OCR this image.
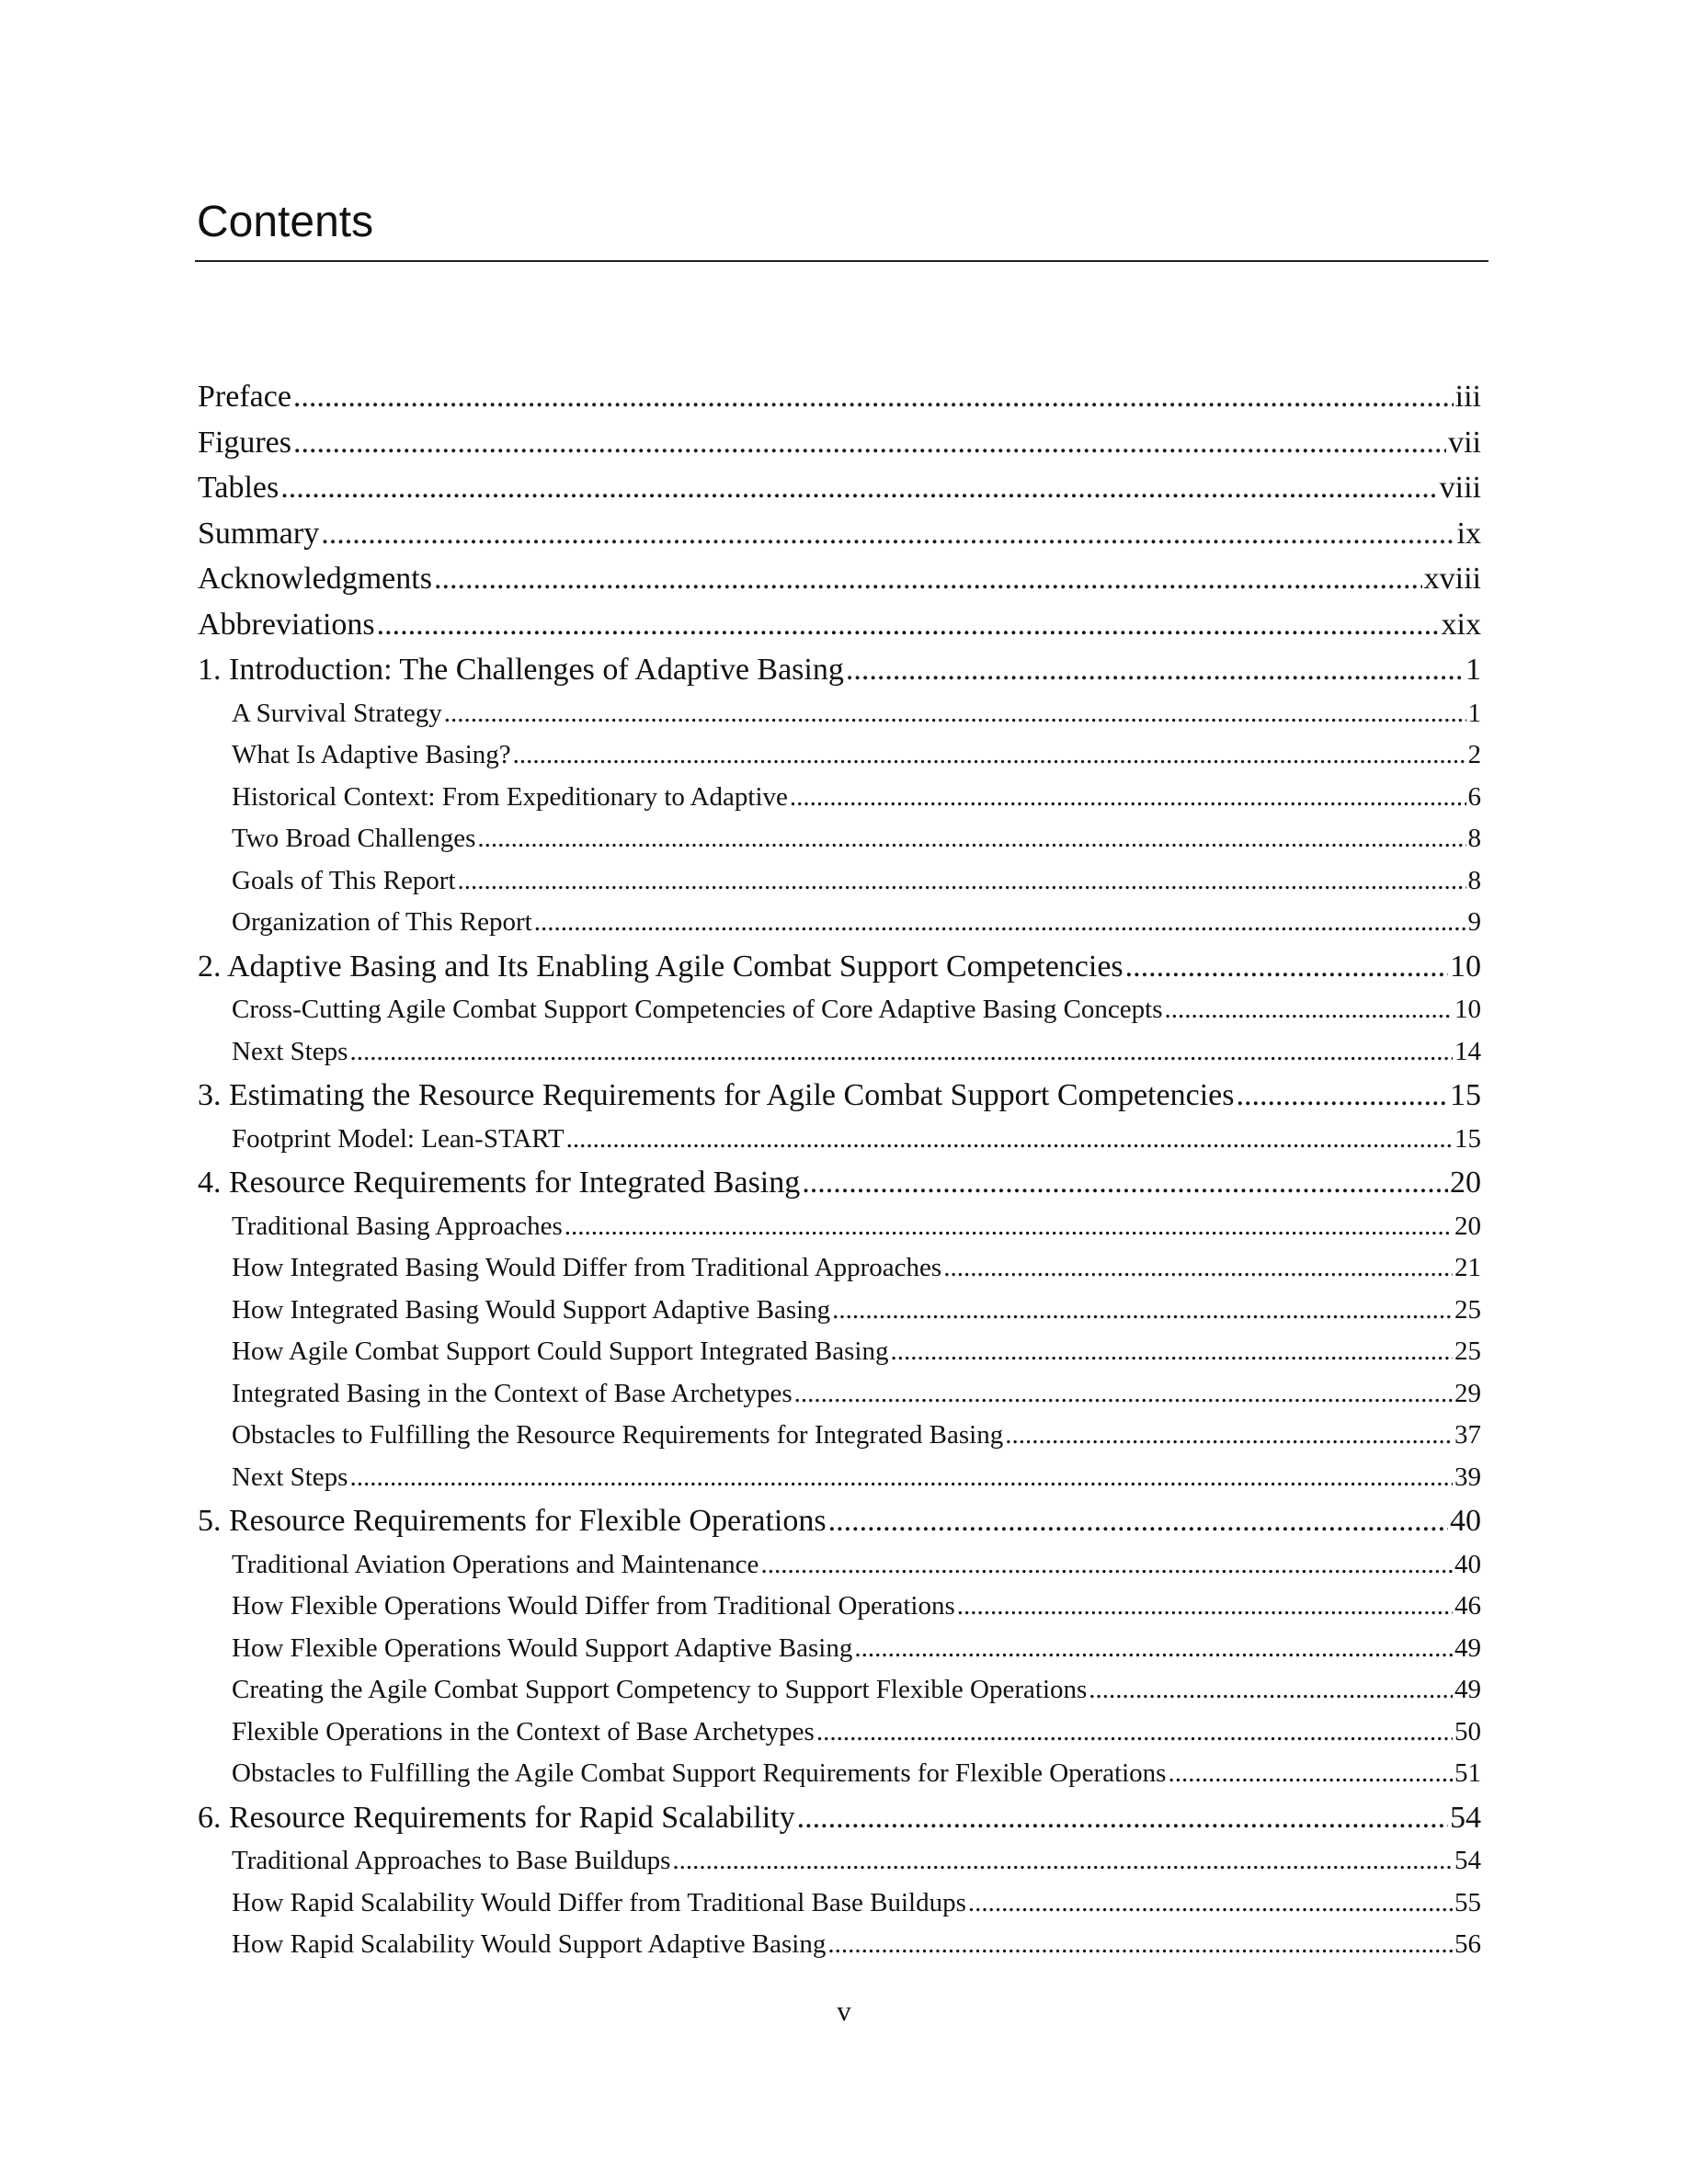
Contents
Preface .....	iii
Figures .....	vii
Tables .....	viii
Summary .....	ix
Acknowledgments .....	xviii
Abbreviations .....	xix
1. Introduction: The Challenges of Adaptive Basing .....	1
A Survival Strategy .....	1
What Is Adaptive Basing? .....	2
Historical Context: From Expeditionary to Adaptive .....	6
Two Broad Challenges .....	8
Goals of This Report .....	8
Organization of This Report .....	9
2. Adaptive Basing and Its Enabling Agile Combat Support Competencies .....	10
Cross-Cutting Agile Combat Support Competencies of Core Adaptive Basing Concepts .....	10
Next Steps .....	14
3. Estimating the Resource Requirements for Agile Combat Support Competencies .....	15
Footprint Model: Lean-START .....	15
4. Resource Requirements for Integrated Basing .....	20
Traditional Basing Approaches .....	20
How Integrated Basing Would Differ from Traditional Approaches .....	21
How Integrated Basing Would Support Adaptive Basing .....	25
How Agile Combat Support Could Support Integrated Basing .....	25
Integrated Basing in the Context of Base Archetypes .....	29
Obstacles to Fulfilling the Resource Requirements for Integrated Basing .....	37
Next Steps .....	39
5. Resource Requirements for Flexible Operations .....	40
Traditional Aviation Operations and Maintenance .....	40
How Flexible Operations Would Differ from Traditional Operations .....	46
How Flexible Operations Would Support Adaptive Basing .....	49
Creating the Agile Combat Support Competency to Support Flexible Operations .....	49
Flexible Operations in the Context of Base Archetypes .....	50
Obstacles to Fulfilling the Agile Combat Support Requirements for Flexible Operations .....	51
6. Resource Requirements for Rapid Scalability .....	54
Traditional Approaches to Base Buildups .....	54
How Rapid Scalability Would Differ from Traditional Base Buildups .....	55
How Rapid Scalability Would Support Adaptive Basing .....	56
v
